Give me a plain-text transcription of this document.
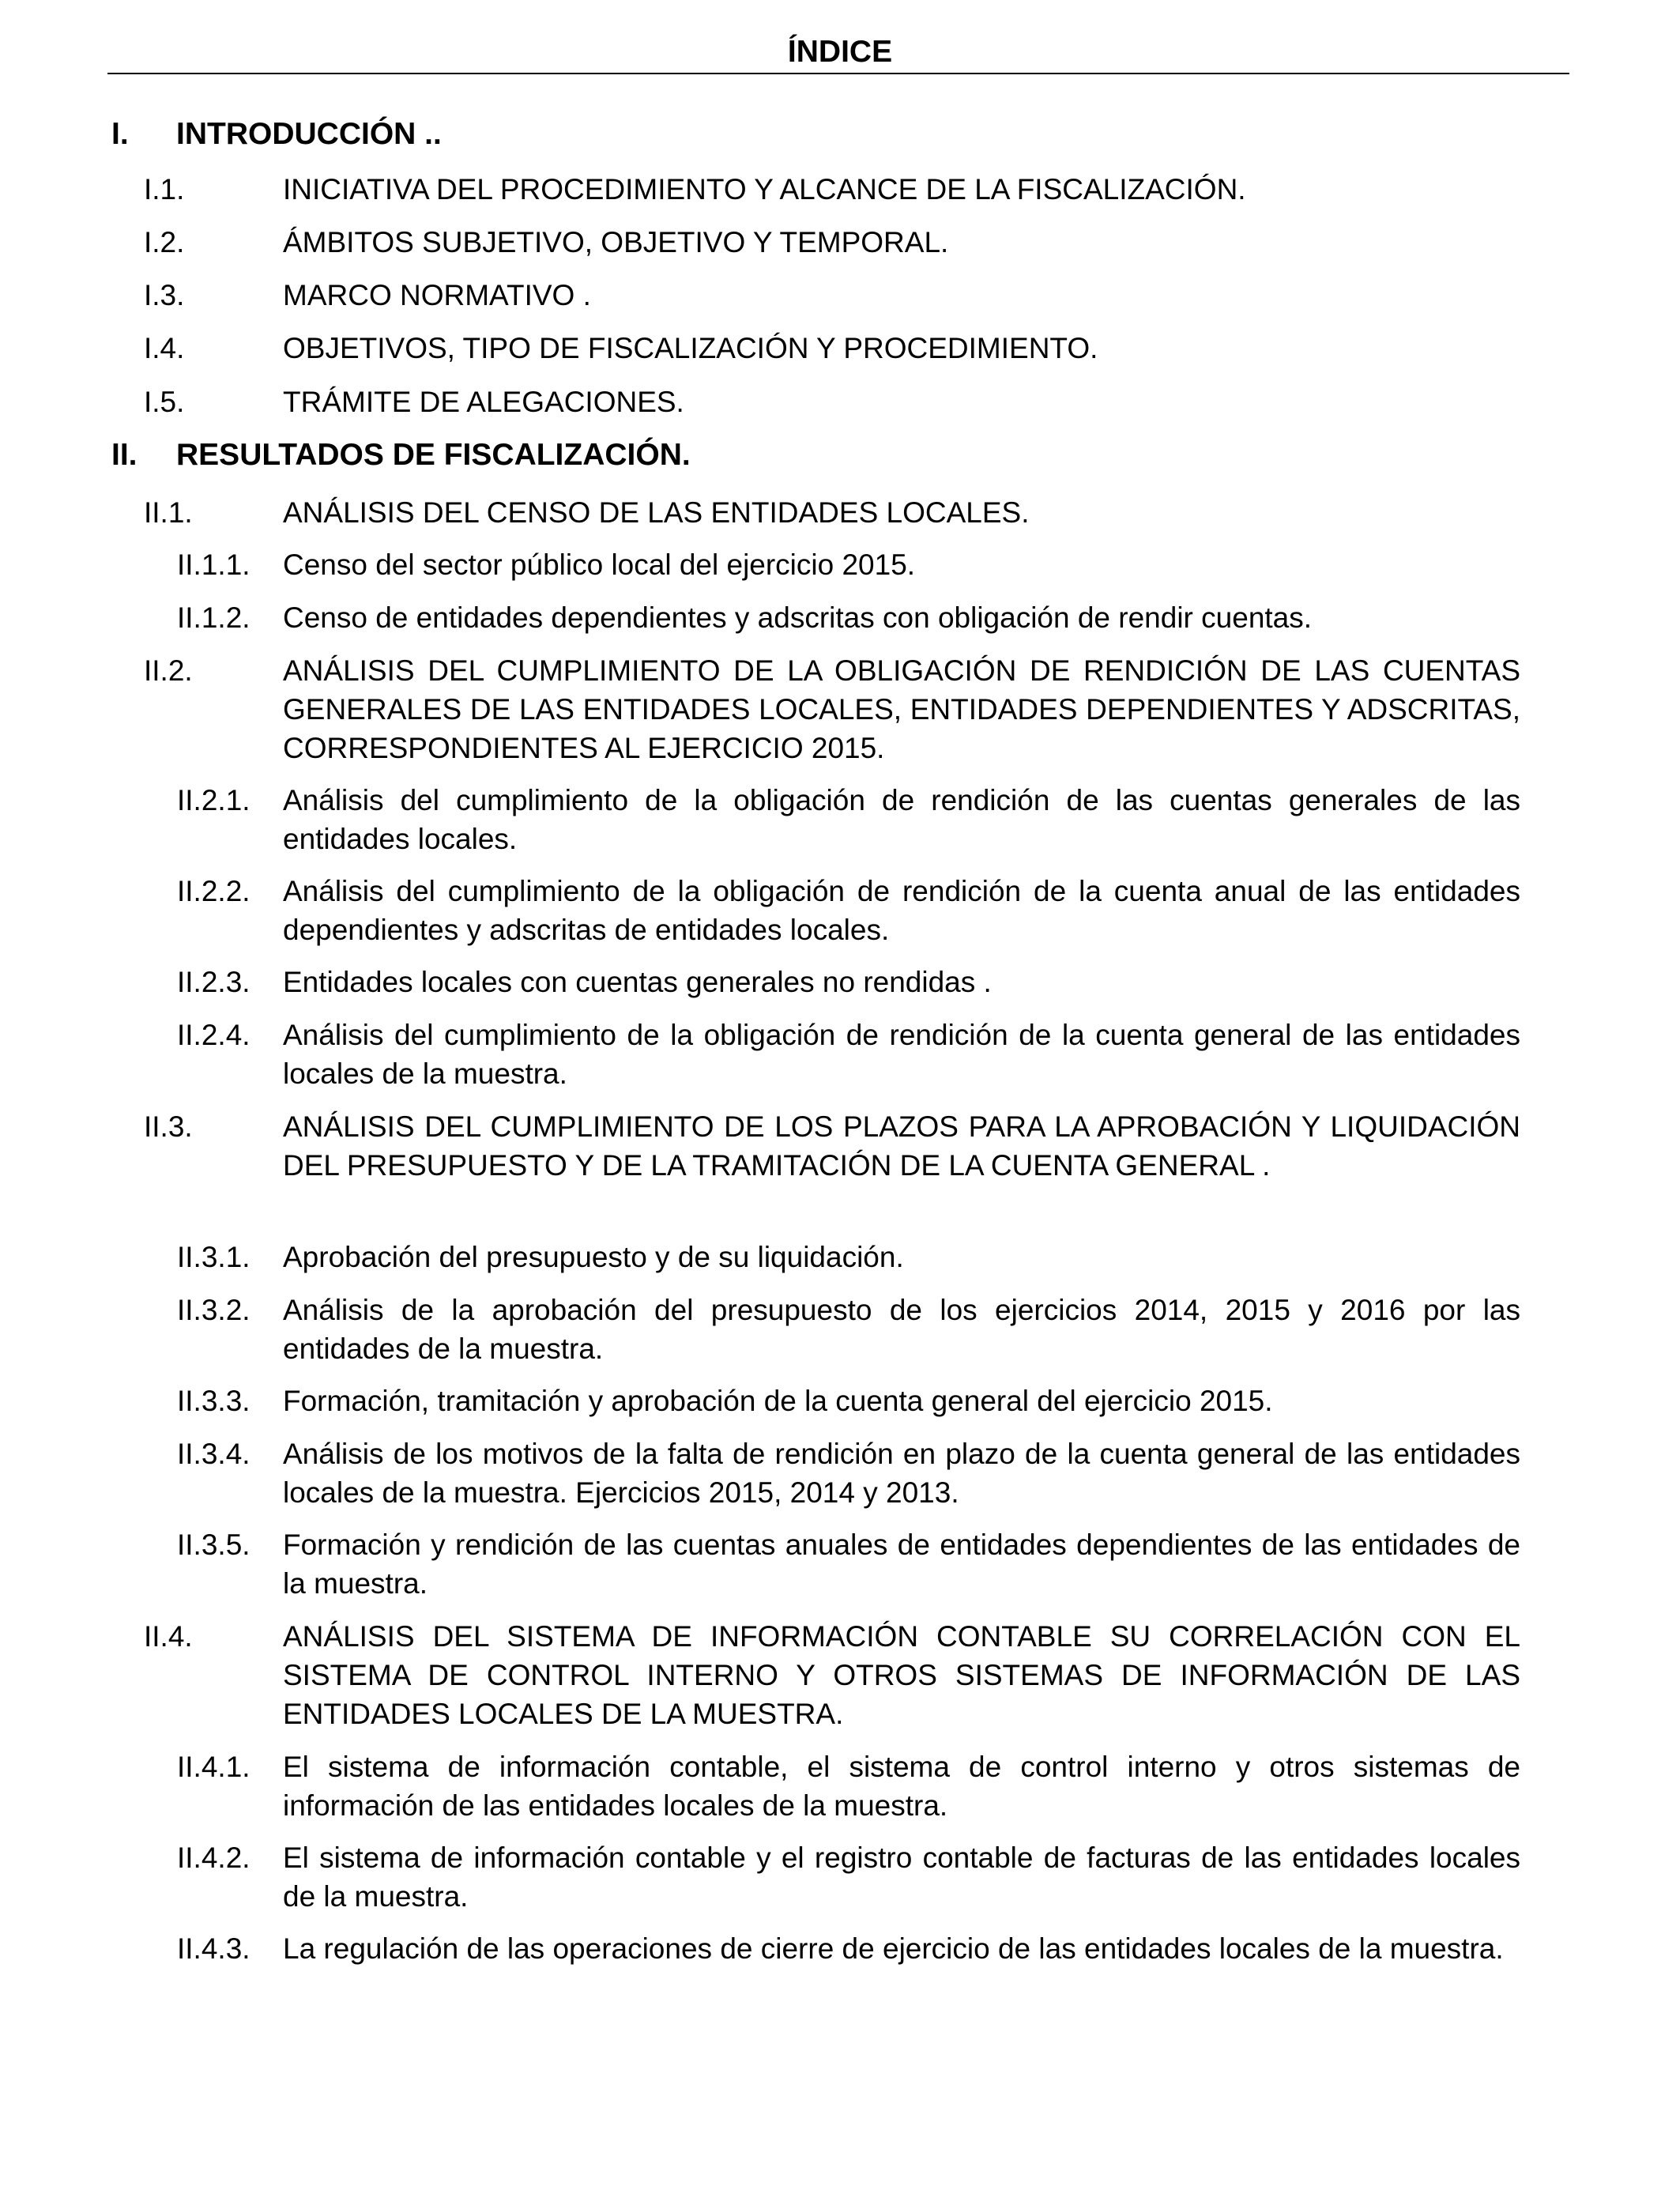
ÍNDICE
I. INTRODUCCIÓN ..
I.1.	INICIATIVA DEL PROCEDIMIENTO Y ALCANCE DE LA FISCALIZACIÓN.
I.2.	ÁMBITOS SUBJETIVO, OBJETIVO Y TEMPORAL.
I.3.	MARCO NORMATIVO .
I.4.	OBJETIVOS, TIPO DE FISCALIZACIÓN Y PROCEDIMIENTO.
I.5.	TRÁMITE DE ALEGACIONES.
II. RESULTADOS DE FISCALIZACIÓN.
II.1.	ANÁLISIS DEL CENSO DE LAS ENTIDADES LOCALES.
II.1.1. Censo del sector público local del ejercicio 2015.
II.1.2. Censo de entidades dependientes y adscritas con obligación de rendir cuentas.
II.2.	ANÁLISIS DEL CUMPLIMIENTO DE LA OBLIGACIÓN DE RENDICIÓN DE LAS CUENTAS GENERALES DE LAS ENTIDADES LOCALES, ENTIDADES DEPENDIENTES Y ADSCRITAS, CORRESPONDIENTES AL EJERCICIO 2015.
II.2.1. Análisis del cumplimiento de la obligación de rendición de las cuentas generales de las entidades locales.
II.2.2. Análisis del cumplimiento de la obligación de rendición de la cuenta anual de las entidades dependientes y adscritas de entidades locales.
II.2.3. Entidades locales con cuentas generales no rendidas .
II.2.4. Análisis del cumplimiento de la obligación de rendición de la cuenta general de las entidades locales de la muestra.
II.3.	ANÁLISIS DEL CUMPLIMIENTO DE LOS PLAZOS PARA LA APROBACIÓN Y LIQUIDACIÓN DEL PRESUPUESTO Y DE LA TRAMITACIÓN DE LA CUENTA GENERAL .
II.3.1. Aprobación del presupuesto y de su liquidación.
II.3.2. Análisis de la aprobación del presupuesto de los ejercicios 2014, 2015 y 2016 por las entidades de la muestra.
II.3.3. Formación, tramitación y aprobación de la cuenta general del ejercicio 2015.
II.3.4. Análisis de los motivos de la falta de rendición en plazo de la cuenta general de las entidades locales de la muestra. Ejercicios 2015, 2014 y 2013.
II.3.5. Formación y rendición de las cuentas anuales de entidades dependientes de las entidades de la muestra.
II.4.	ANÁLISIS DEL SISTEMA DE INFORMACIÓN CONTABLE SU CORRELACIÓN CON EL SISTEMA DE CONTROL INTERNO Y OTROS SISTEMAS DE INFORMACIÓN DE LAS ENTIDADES LOCALES DE LA MUESTRA.
II.4.1. El sistema de información contable, el sistema de control interno y otros sistemas de información de las entidades locales de la muestra.
II.4.2. El sistema de información contable y el registro contable de facturas de las entidades locales de la muestra.
II.4.3. La regulación de las operaciones de cierre de ejercicio de las entidades locales de la muestra.
